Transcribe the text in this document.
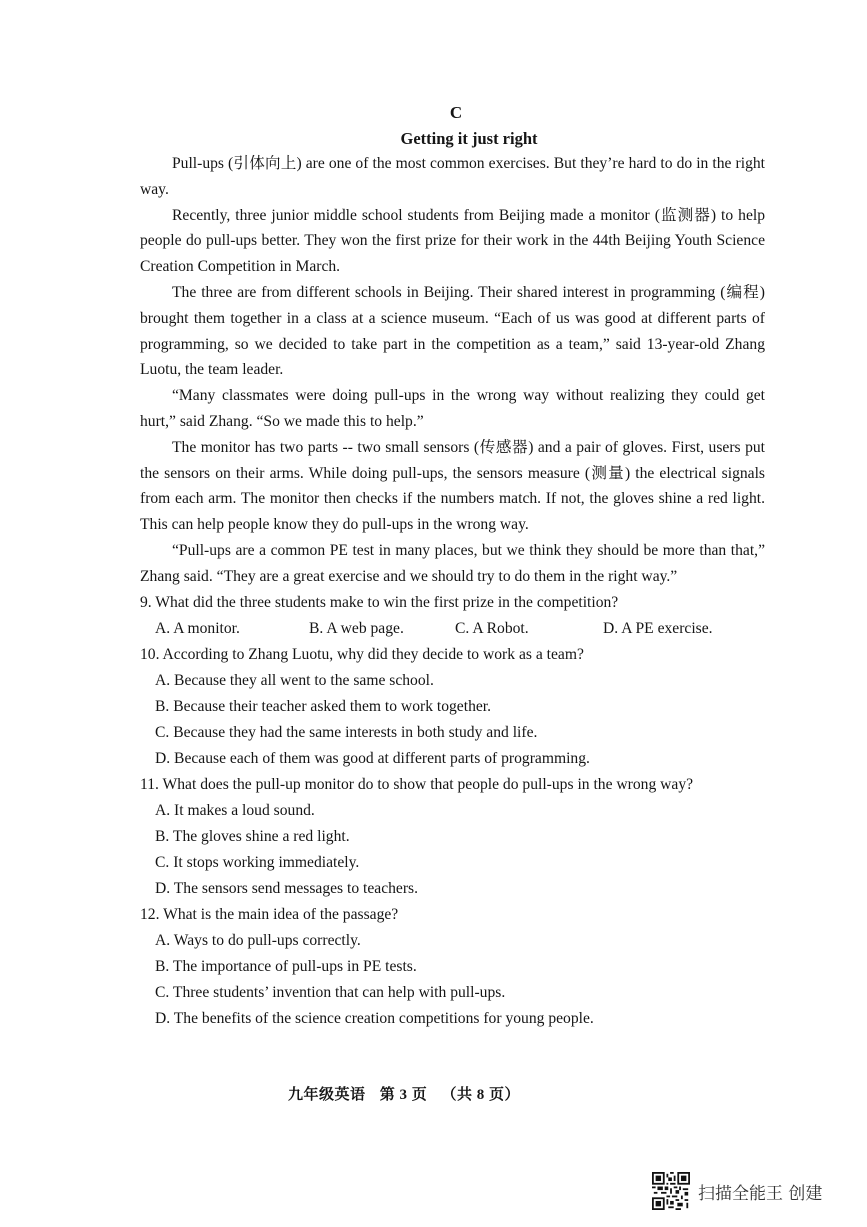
C
Getting it just right

Pull-ups (引体向上) are one of the most common exercises. But they’re hard to do in the right way.

Recently, three junior middle school students from Beijing made a monitor (监测器) to help people do pull-ups better. They won the first prize for their work in the 44th Beijing Youth Science Creation Competition in March.

The three are from different schools in Beijing. Their shared interest in programming (编程) brought them together in a class at a science museum. “Each of us was good at different parts of programming, so we decided to take part in the competition as a team,” said 13-year-old Zhang Luotu, the team leader.

“Many classmates were doing pull-ups in the wrong way without realizing they could get hurt,” said Zhang. “So we made this to help.”

The monitor has two parts -- two small sensors (传感器) and a pair of gloves. First, users put the sensors on their arms. While doing pull-ups, the sensors measure (测量) the electrical signals from each arm. The monitor then checks if the numbers match. If not, the gloves shine a red light. This can help people know they do pull-ups in the wrong way.

“Pull-ups are a common PE test in many places, but we think they should be more than that,” Zhang said. “They are a great exercise and we should try to do them in the right way.”

9. What did the three students make to win the first prize in the competition?

A. A monitor.	B. A web page.	C. A Robot.	D. A PE exercise.

10. According to Zhang Luotu, why did they decide to work as a team?

A. Because they all went to the same school.

B. Because their teacher asked them to work together.

C. Because they had the same interests in both study and life.

D. Because each of them was good at different parts of programming.

11. What does the pull-up monitor do to show that people do pull-ups in the wrong way?

A. It makes a loud sound.

B. The gloves shine a red light.

C. It stops working immediately.

D. The sensors send messages to teachers.

12. What is the main idea of the passage?

A. Ways to do pull-ups correctly.

B. The importance of pull-ups in PE tests.

C. Three students’ invention that can help with pull-ups.

D. The benefits of the science creation competitions for young people.

九年级英语 第 3 页 （共 8 页）
扫描全能王 创建
